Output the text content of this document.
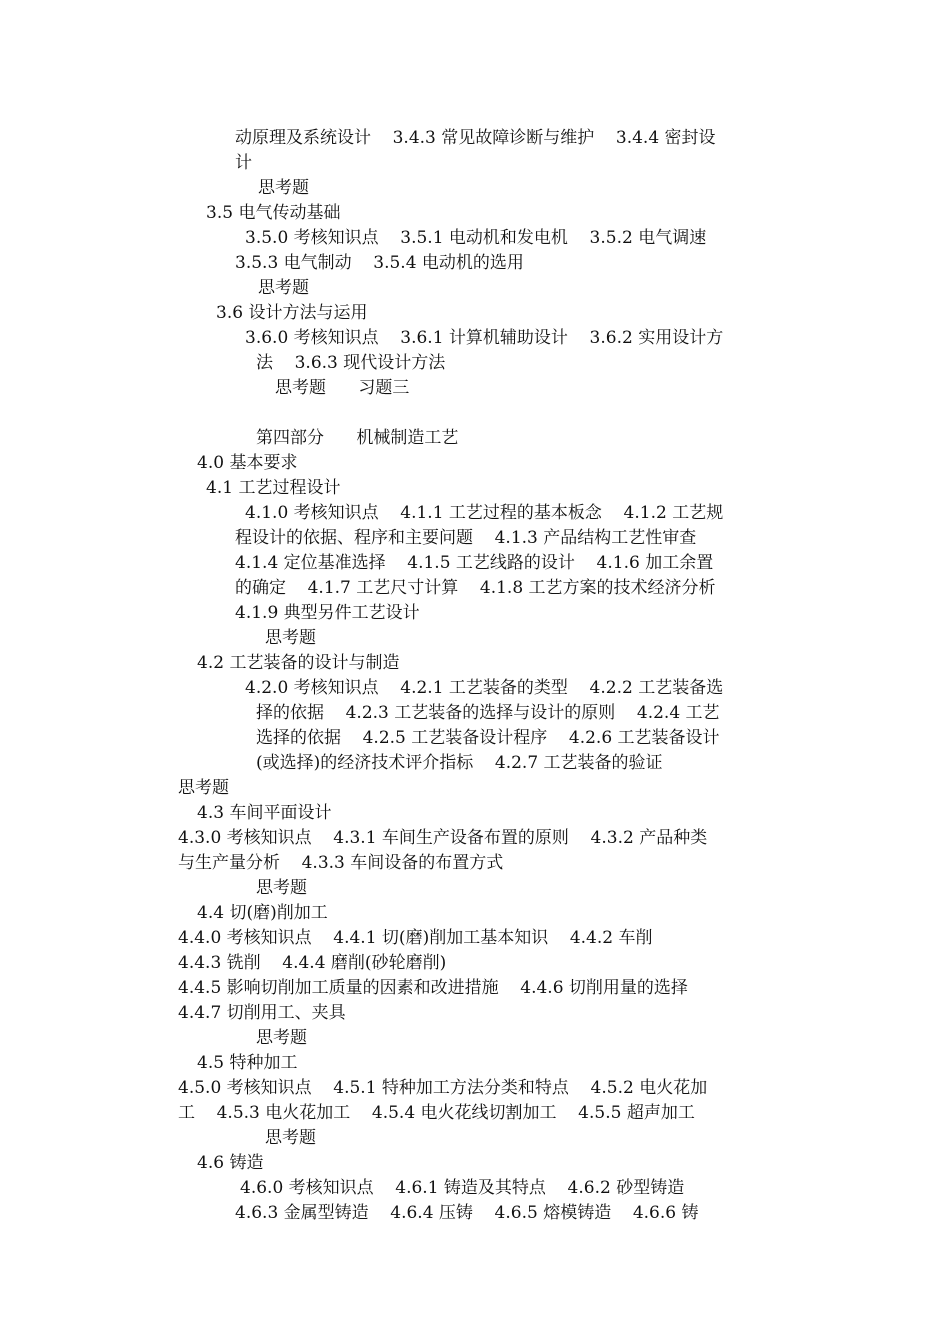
动原理及系统设计    3.4.3 常见故障诊断与维护    3.4.4 密封设
计
思考题
3.5 电气传动基础
3.5.0 考核知识点    3.5.1 电动机和发电机    3.5.2 电气调速
3.5.3 电气制动    3.5.4 电动机的选用
思考题
3.6 设计方法与运用
3.6.0 考核知识点    3.6.1 计算机辅助设计    3.6.2 实用设计方
法    3.6.3 现代设计方法
思考题      习题三
第四部分      机械制造工艺
4.0 基本要求
4.1 工艺过程设计
4.1.0 考核知识点    4.1.1 工艺过程的基本板念    4.1.2 工艺规
程设计的依据、程序和主要问题    4.1.3 产品结构工艺性审查
4.1.4 定位基准选择    4.1.5 工艺线路的设计    4.1.6 加工余置
的确定    4.1.7 工艺尺寸计算    4.1.8 工艺方案的技术经济分析
4.1.9 典型另件工艺设计
思考题
4.2 工艺装备的设计与制造
4.2.0 考核知识点    4.2.1 工艺装备的类型    4.2.2 工艺装备选
择的依据    4.2.3 工艺装备的选择与设计的原则    4.2.4 工艺
选择的依据    4.2.5 工艺装备设计程序    4.2.6 工艺装备设计
(或选择)的经济技术评介指标    4.2.7 工艺装备的验证
思考题
4.3 车间平面设计
4.3.0 考核知识点    4.3.1 车间生产设备布置的原则    4.3.2 产品种类
与生产量分析    4.3.3 车间设备的布置方式
思考题
4.4 切(磨)削加工
4.4.0 考核知识点    4.4.1 切(磨)削加工基本知识    4.4.2 车削
4.4.3 铣削    4.4.4 磨削(砂轮磨削)
4.4.5 影响切削加工质量的因素和改进措施    4.4.6 切削用量的选择
4.4.7 切削用工、夹具
思考题
4.5 特种加工
4.5.0 考核知识点    4.5.1 特种加工方法分类和特点    4.5.2 电火花加
工    4.5.3 电火花加工    4.5.4 电火花线切割加工    4.5.5 超声加工
思考题
4.6 铸造
4.6.0 考核知识点    4.6.1 铸造及其特点    4.6.2 砂型铸造
4.6.3 金属型铸造    4.6.4 压铸    4.6.5 熔模铸造    4.6.6 铸
